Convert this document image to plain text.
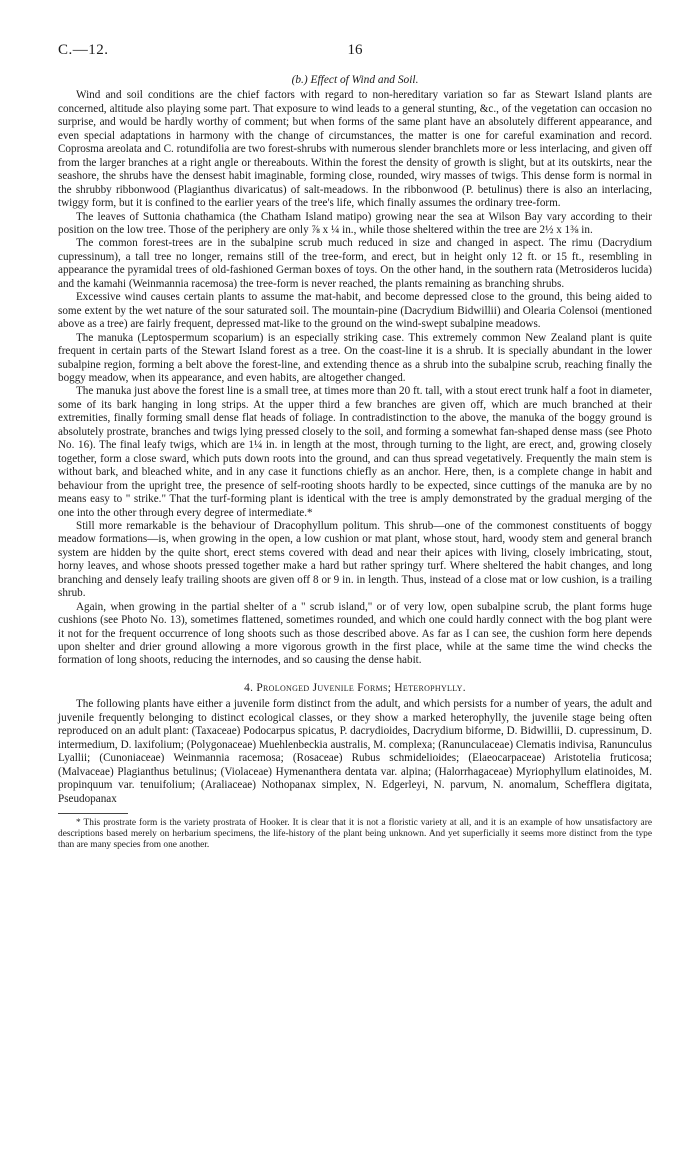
C.—12.	16
(b.) Effect of Wind and Soil.

Wind and soil conditions are the chief factors with regard to non-hereditary variation so far as Stewart Island plants are concerned, altitude also playing some part. That exposure to wind leads to a general stunting, &c., of the vegetation can occasion no surprise, and would be hardly worthy of comment; but when forms of the same plant have an absolutely different appearance, and even special adaptations in harmony with the change of circumstances, the matter is one for careful examination and record. Coprosma areolata and C. rotundifolia are two forest-shrubs with numerous slender branchlets more or less interlacing, and given off from the larger branches at a right angle or thereabouts. Within the forest the density of growth is slight, but at its outskirts, near the seashore, the shrubs have the densest habit imaginable, forming close, rounded, wiry masses of twigs. This dense form is normal in the shrubby ribbonwood (Plagianthus divaricatus) of salt-meadows. In the ribbonwood (P. betulinus) there is also an interlacing, twiggy form, but it is confined to the earlier years of the tree's life, which finally assumes the ordinary tree-form.

The leaves of Suttonia chathamica (the Chatham Island matipo) growing near the sea at Wilson Bay vary according to their position on the low tree. Those of the periphery are only ⅞ x ¼ in., while those sheltered within the tree are 2½ x 1⅜ in.

The common forest-trees are in the subalpine scrub much reduced in size and changed in aspect. The rimu (Dacrydium cupressinum), a tall tree no longer, remains still of the tree-form, and erect, but in height only 12 ft. or 15 ft., resembling in appearance the pyramidal trees of old-fashioned German boxes of toys. On the other hand, in the southern rata (Metrosideros lucida) and the kamahi (Weinmannia racemosa) the tree-form is never reached, the plants remaining as branching shrubs.

Excessive wind causes certain plants to assume the mat-habit, and become depressed close to the ground, this being aided to some extent by the wet nature of the sour saturated soil. The mountain-pine (Dacrydium Bidwillii) and Olearia Colensoi (mentioned above as a tree) are fairly frequent, depressed mat-like to the ground on the wind-swept subalpine meadows.

The manuka (Leptospermum scoparium) is an especially striking case. This extremely common New Zealand plant is quite frequent in certain parts of the Stewart Island forest as a tree. On the coast-line it is a shrub. It is specially abundant in the lower subalpine region, forming a belt above the forest-line, and extending thence as a shrub into the subalpine scrub, reaching finally the boggy meadow, when its appearance, and even habits, are altogether changed.

The manuka just above the forest line is a small tree, at times more than 20 ft. tall, with a stout erect trunk half a foot in diameter, some of its bark hanging in long strips. At the upper third a few branches are given off, which are much branched at their extremities, finally forming small dense flat heads of foliage. In contradistinction to the above, the manuka of the boggy ground is absolutely prostrate, branches and twigs lying pressed closely to the soil, and forming a somewhat fan-shaped dense mass (see Photo No. 16). The final leafy twigs, which are 1¼ in. in length at the most, through turning to the light, are erect, and, growing closely together, form a close sward, which puts down roots into the ground, and can thus spread vegetatively. Frequently the main stem is without bark, and bleached white, and in any case it functions chiefly as an anchor. Here, then, is a complete change in habit and behaviour from the upright tree, the presence of self-rooting shoots hardly to be expected, since cuttings of the manuka are by no means easy to " strike." That the turf-forming plant is identical with the tree is amply demonstrated by the gradual merging of the one into the other through every degree of intermediate.*

Still more remarkable is the behaviour of Dracophyllum politum. This shrub—one of the commonest constituents of boggy meadow formations—is, when growing in the open, a low cushion or mat plant, whose stout, hard, woody stem and general branch system are hidden by the quite short, erect stems covered with dead and near their apices with living, closely imbricating, stout, horny leaves, and whose shoots pressed together make a hard but rather springy turf. Where sheltered the habit changes, and long branching and densely leafy trailing shoots are given off 8 or 9 in. in length. Thus, instead of a close mat or low cushion, is a trailing shrub.

Again, when growing in the partial shelter of a " scrub island," or of very low, open subalpine scrub, the plant forms huge cushions (see Photo No. 13), sometimes flattened, sometimes rounded, and which one could hardly connect with the bog plant were it not for the frequent occurrence of long shoots such as those described above. As far as I can see, the cushion form here depends upon shelter and drier ground allowing a more vigorous growth in the first place, while at the same time the wind checks the formation of long shoots, reducing the internodes, and so causing the dense habit.

4. Prolonged Juvenile Forms; Heterophylly.

The following plants have either a juvenile form distinct from the adult, and which persists for a number of years, the adult and juvenile frequently belonging to distinct ecological classes, or they show a marked heterophylly, the juvenile stage being often reproduced on an adult plant: (Taxaceae) Podocarpus spicatus, P. dacrydioides, Dacrydium biforme, D. Bidwillii, D. cupressinum, D. intermedium, D. laxifolium; (Polygonaceae) Muehlenbeckia australis, M. complexa; (Ranunculaceae) Clematis indivisa, Ranunculus Lyallii; (Cunoniaceae) Weinmannia racemosa; (Rosaceae) Rubus schmidelioides; (Elaeocarpaceae) Aristotelia fruticosa; (Malvaceae) Plagianthus betulinus; (Violaceae) Hymenanthera dentata var. alpina; (Halorrhagaceae) Myriophyllum elatinoides, M. propinquum var. tenuifolium; (Araliaceae) Nothopanax simplex, N. Edgerleyi, N. parvum, N. anomalum, Schefflera digitata, Pseudopanax

* This prostrate form is the variety prostrata of Hooker. It is clear that it is not a floristic variety at all, and it is an example of how unsatisfactory are descriptions based merely on herbarium specimens, the life-history of the plant being unknown. And yet superficially it seems more distinct from the type than are many species from one another.
